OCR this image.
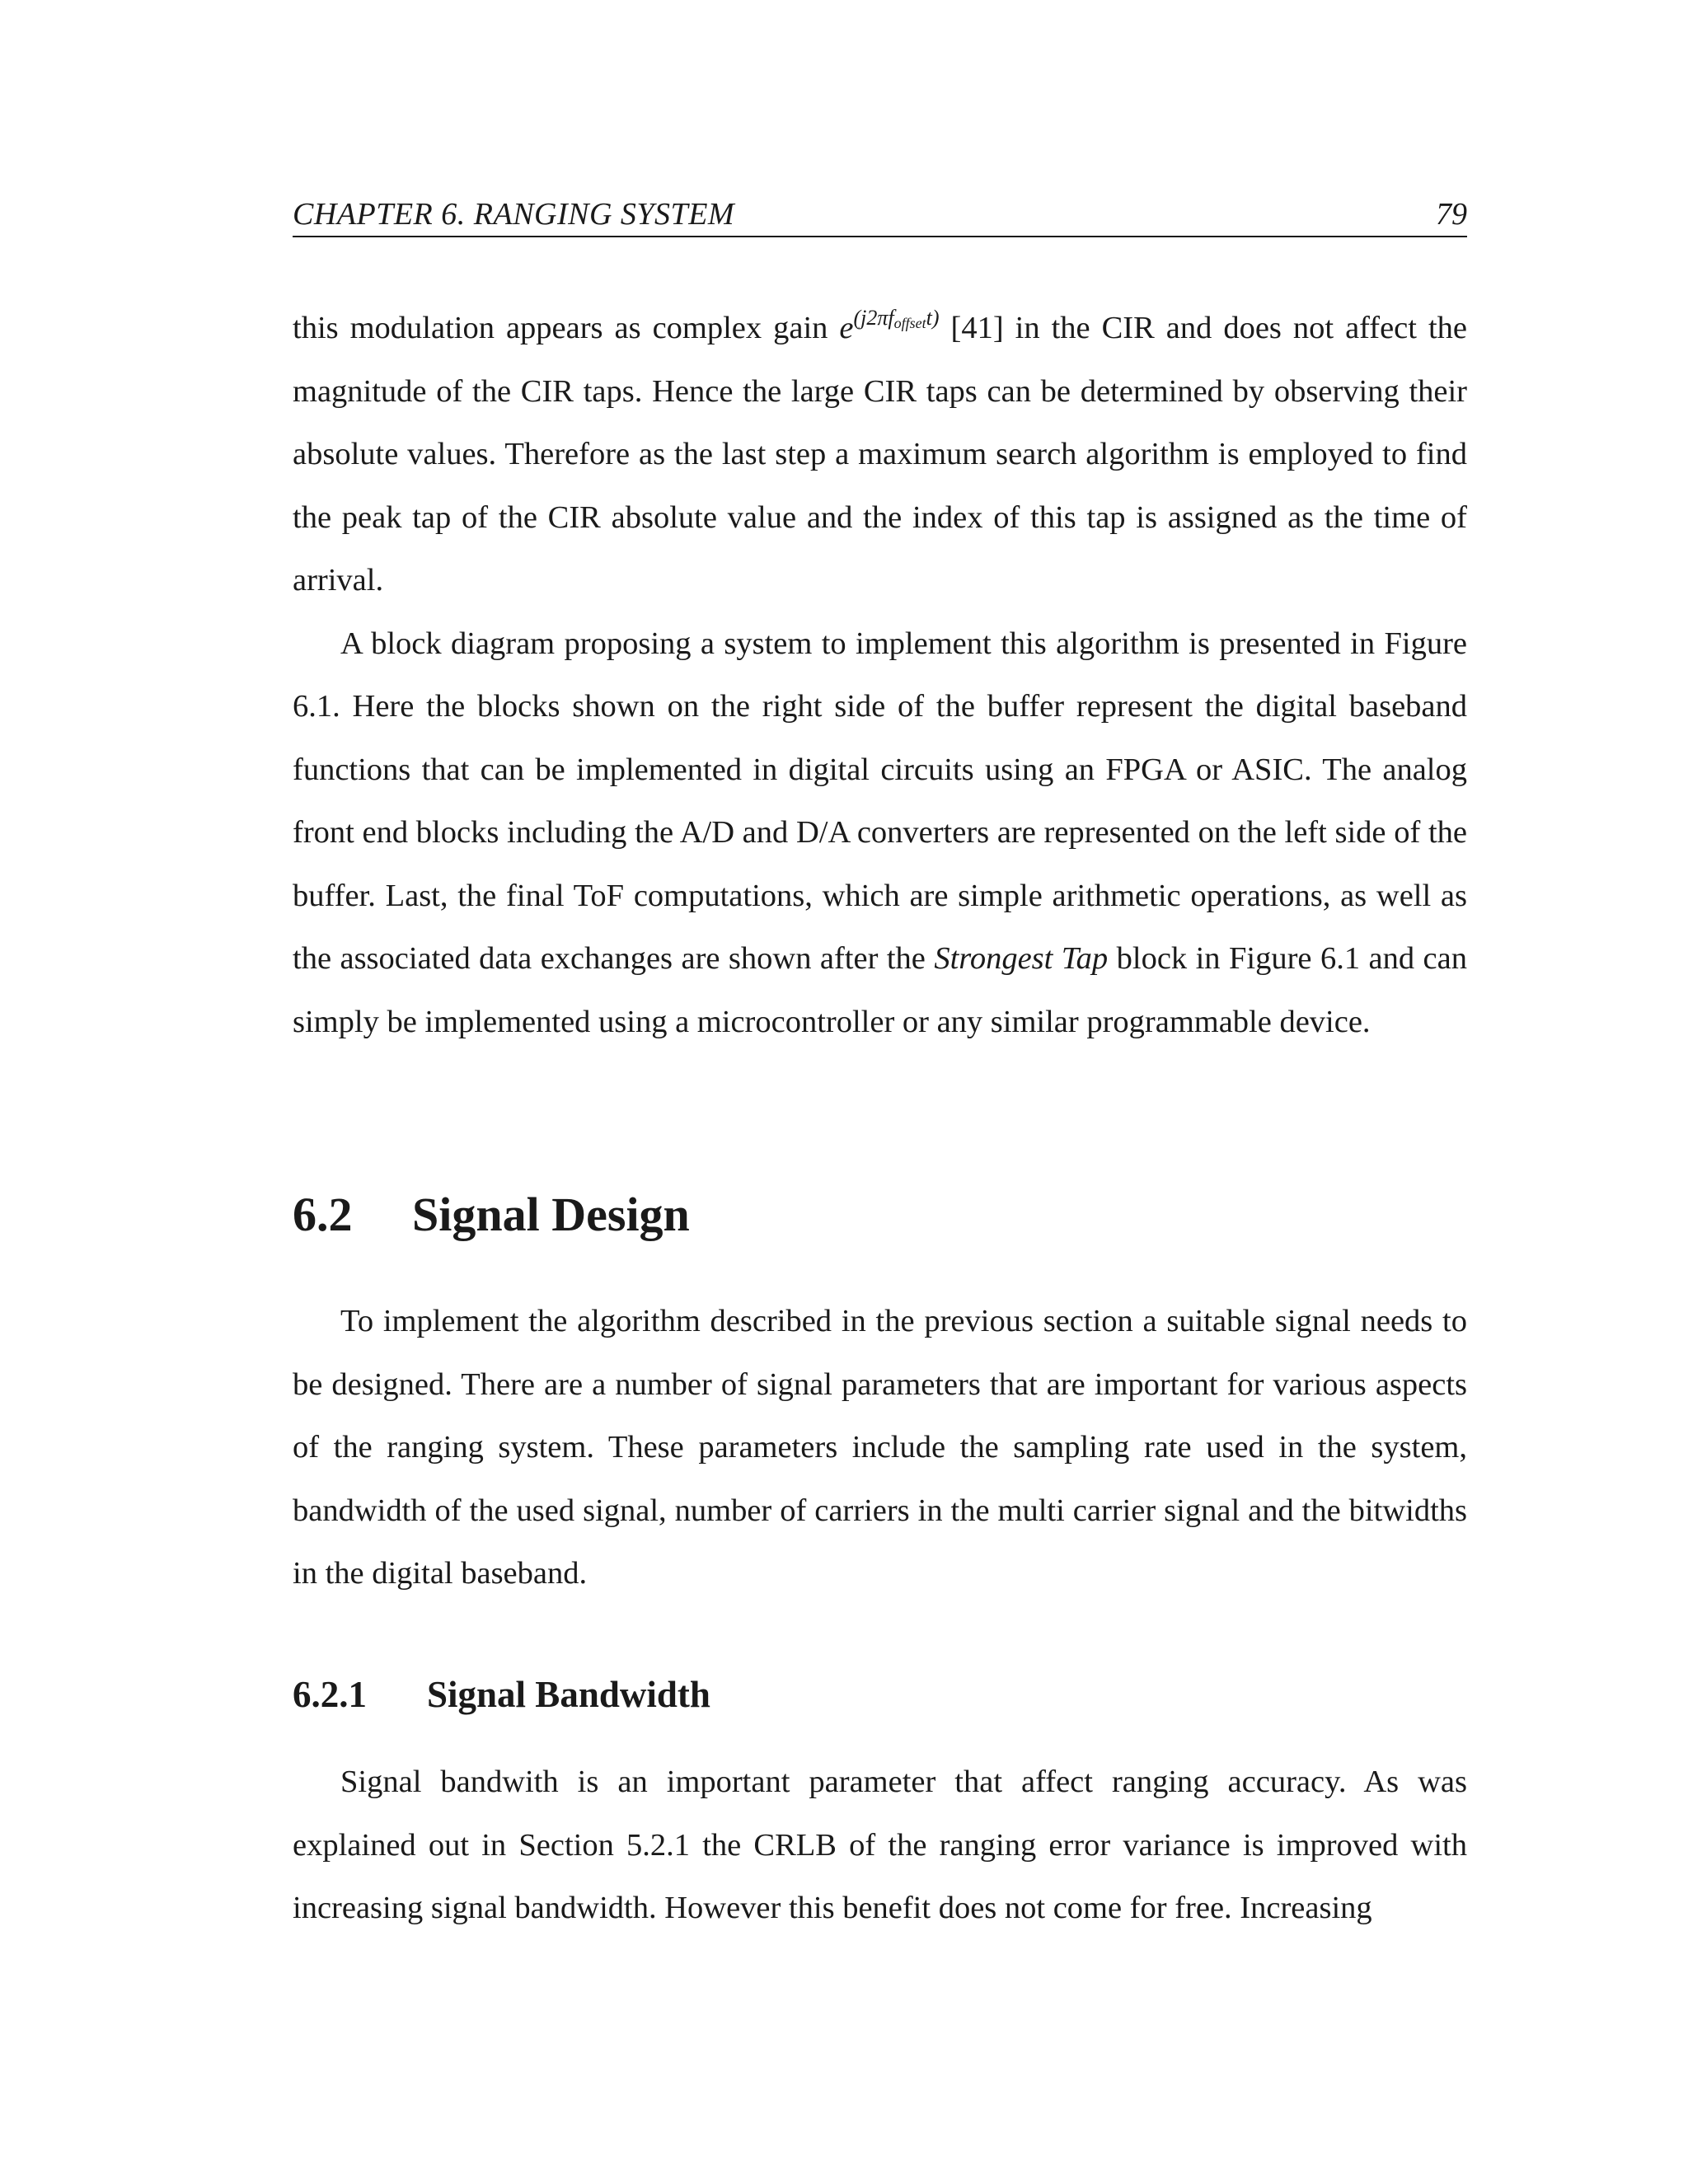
CHAPTER 6. RANGING SYSTEM	79

this modulation appears as complex gain $e^{(j2\pi f_{offset}t)}$ [41] in the CIR and does not affect the magnitude of the CIR taps. Hence the large CIR taps can be determined by observing their absolute values. Therefore as the last step a maximum search algorithm is employed to find the peak tap of the CIR absolute value and the index of this tap is assigned as the time of arrival.

A block diagram proposing a system to implement this algorithm is presented in Figure 6.1. Here the blocks shown on the right side of the buffer represent the digital baseband functions that can be implemented in digital circuits using an FPGA or ASIC. The analog front end blocks including the A/D and D/A converters are represented on the left side of the buffer. Last, the final ToF computations, which are simple arithmetic operations, as well as the associated data exchanges are shown after the Strongest Tap block in Figure 6.1 and can simply be implemented using a microcontroller or any similar programmable device.

6.2 Signal Design

To implement the algorithm described in the previous section a suitable signal needs to be designed. There are a number of signal parameters that are important for various aspects of the ranging system. These parameters include the sampling rate used in the system, bandwidth of the used signal, number of carriers in the multi carrier signal and the bitwidths in the digital baseband.

6.2.1 Signal Bandwidth

Signal bandwith is an important parameter that affect ranging accuracy. As was explained out in Section 5.2.1 the CRLB of the ranging error variance is improved with increasing signal bandwidth. However this benefit does not come for free. Increasing
